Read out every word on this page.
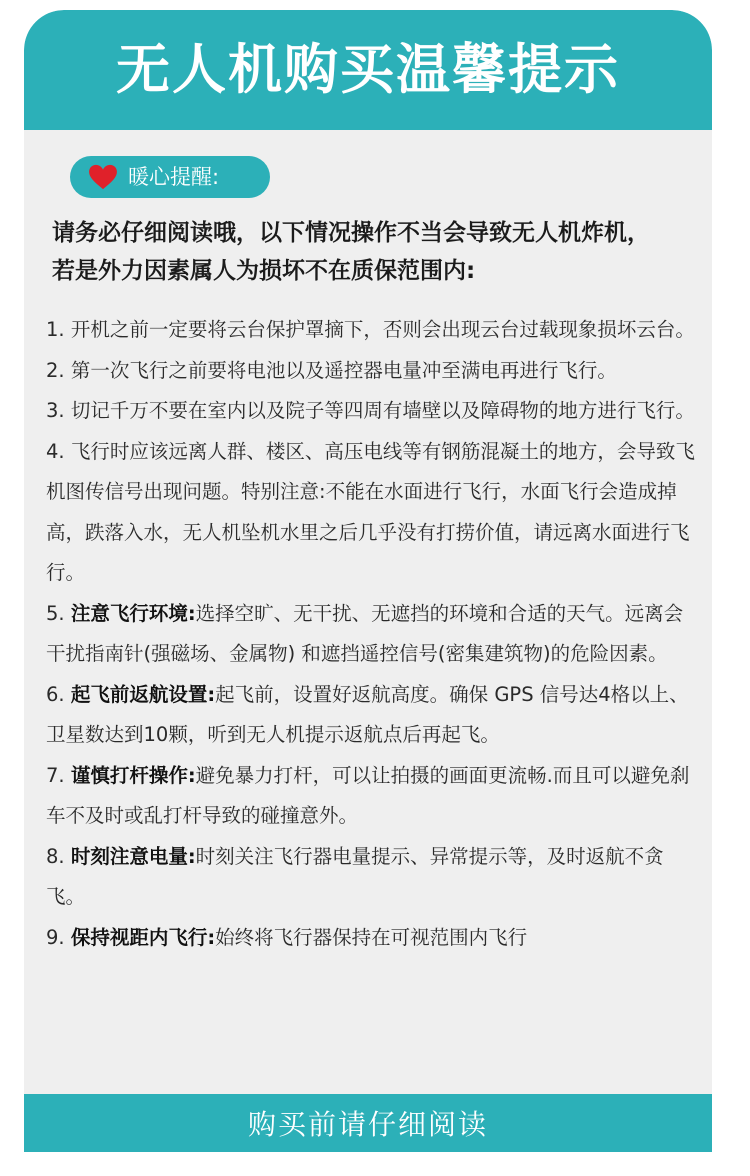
无人机购买温馨提示
暖心提醒:
请务必仔细阅读哦，以下情况操作不当会导致无人机炸机，
若是外力因素属人为损坏不在质保范围内:
1. 开机之前一定要将云台保护罩摘下，否则会出现云台过载现象损坏云台。
2. 第一次飞行之前要将电池以及遥控器电量冲至满电再进行飞行。
3. 切记千万不要在室内以及院子等四周有墙壁以及障碍物的地方进行飞行。
4. 飞行时应该远离人群、楼区、高压电线等有钢筋混凝土的地方，会导致飞机图传信号出现问题。特别注意:不能在水面进行飞行，水面飞行会造成掉高，跌落入水，无人机坠机水里之后几乎没有打捞价值，请远离水面进行飞行。
5. 注意飞行环境:选择空旷、无干扰、无遮挡的环境和合适的天气。远离会干扰指南针(强磁场、金属物) 和遮挡遥控信号(密集建筑物)的危险因素。
6. 起飞前返航设置:起飞前，设置好返航高度。确保 GPS 信号达4格以上、卫星数达到10颗，听到无人机提示返航点后再起飞。
7. 谨慎打杆操作:避免暴力打杆，可以让拍摄的画面更流畅.而且可以避免刹车不及时或乱打杆导致的碰撞意外。
8. 时刻注意电量:时刻关注飞行器电量提示、异常提示等，及时返航不贪飞。
9. 保持视距内飞行:始终将飞行器保持在可视范围内飞行
购买前请仔细阅读
